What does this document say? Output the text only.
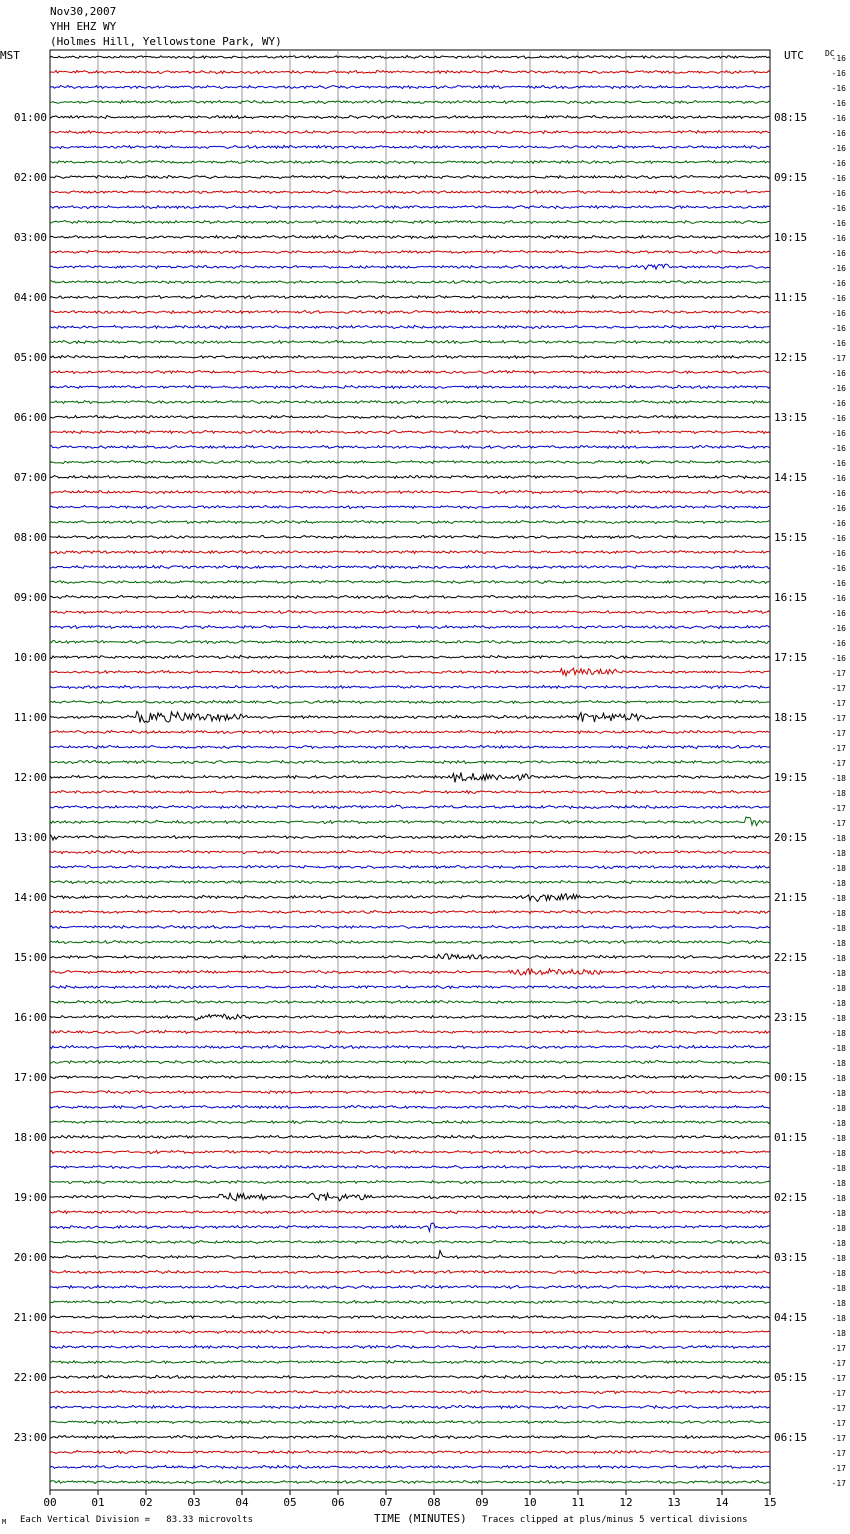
Nov30,2007
YHH EHZ WY
(Holmes Hill, Yellowstone Park, WY)
MST	UTC	DC
01:00
02:00
03:00
04:00
05:00
06:00
07:00
08:00
09:00
10:00
11:00
12:00
13:00
14:00
15:00
16:00
17:00
18:00
19:00
20:00
21:00
22:00
23:00
08:15
09:15
10:15
11:15
12:15
13:15
14:15
15:15
16:15
17:15
18:15
19:15
20:15
21:15
22:15
23:15
00:15
01:15
02:15
03:15
04:15
05:15
06:15
-16
-16
-16
-16
-16
-16
-16
-16
-16
-16
-16
-16
-16
-16
-16
-16
-16
-16
-16
-16
-17
-16
-16
-16
-16
-16
-16
-16
-16
-16
-16
-16
-16
-16
-16
-16
-16
-16
-16
-16
-16
-17
-17
-17
-17
-17
-17
-17
-18
-18
-17
-17
-18
-18
-18
-18
-18
-18
-18
-18
-18
-18
-18
-18
-18
-18
-18
-18
-18
-18
-18
-18
-18
-18
-18
-18
-18
-18
-18
-18
-18
-18
-18
-18
-18
-18
-17
-17
-17
-17
-17
-17
-17
-17
-17
-17
00	01	02	03	04	05	06	07	08	09	10	11	12	13	14	15
M Each Vertical Division =   83.33 microvolts	TIME (MINUTES) Traces clipped at plus/minus 5 vertical divisions
